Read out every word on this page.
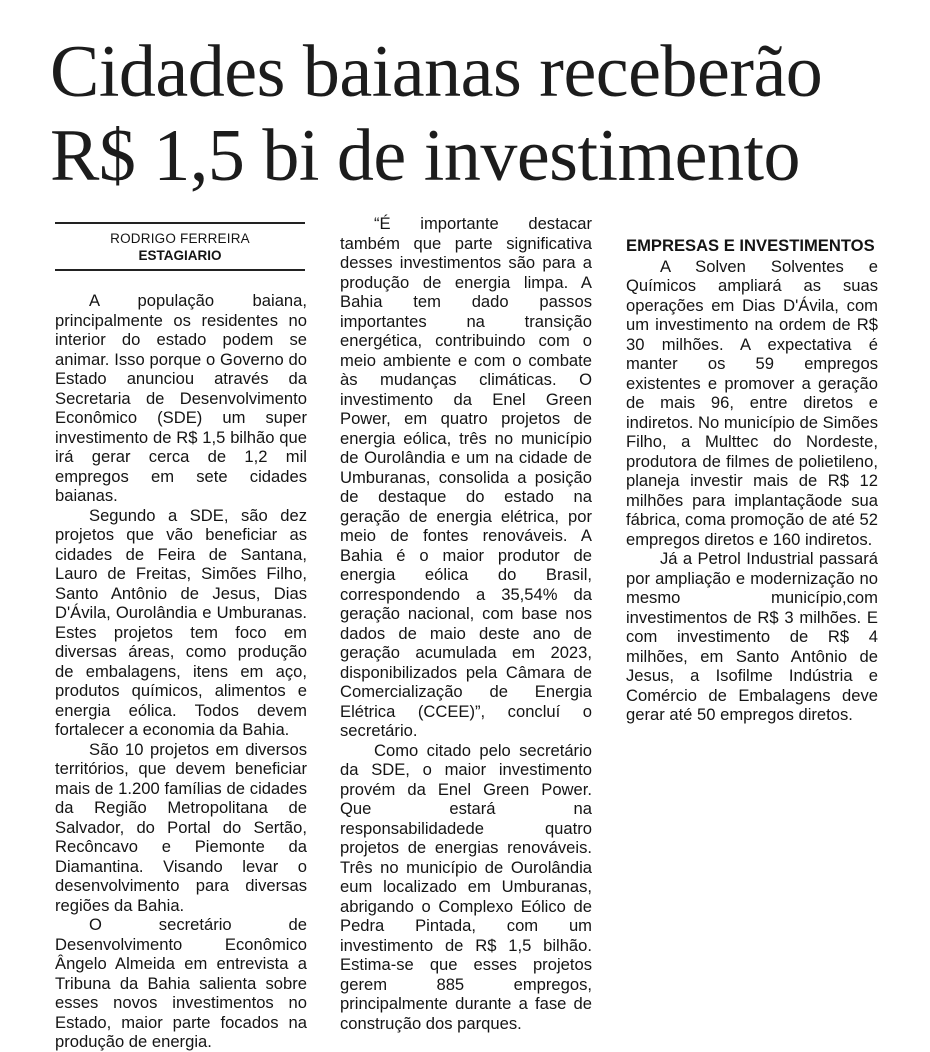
Cidades baianas receberão
R$ 1,5 bi de investimento
RODRIGO FERREIRA
ESTAGIARIO

A população baiana, principalmente os residentes no interior do estado podem se animar. Isso porque o Governo do Estado anunciou através da Secretaria de Desenvolvimento Econômico (SDE) um super investimento de R$ 1,5 bilhão que irá gerar cerca de 1,2 mil empregos em sete cidades baianas.

Segundo a SDE, são dez projetos que vão beneficiar as cidades de Feira de Santana, Lauro de Freitas, Simões Filho, Santo Antônio de Jesus, Dias D'Ávila, Ourolândia e Umburanas. Estes projetos tem foco em diversas áreas, como produção de embalagens, itens em aço, produtos químicos, alimentos e energia eólica. Todos devem fortalecer a economia da Bahia.

São 10 projetos em diversos territórios, que devem beneficiar mais de 1.200 famílias de cidades da Região Metropolitana de Salvador, do Portal do Sertão, Recôncavo e Piemonte da Diamantina. Visando levar o desenvolvimento para diversas regiões da Bahia.

O secretário de Desenvolvimento Econômico Ângelo Almeida em entrevista a Tribuna da Bahia salienta sobre esses novos investimentos no Estado, maior parte focados na produção de energia.

“É importante destacar também que parte significativa desses investimentos são para a produção de energia limpa. A Bahia tem dado passos importantes na transição energética, contribuindo com o meio ambiente e com o combate às mudanças climáticas. O investimento da Enel Green Power, em quatro projetos de energia eólica, três no município de Ourolândia e um na cidade de Umburanas, consolida a posição de destaque do estado na geração de energia elétrica, por meio de fontes renováveis. A Bahia é o maior produtor de energia eólica do Brasil, correspondendo a 35,54% da geração nacional, com base nos dados de maio deste ano de geração acumulada em 2023, disponibilizados pela Câmara de Comercialização de Energia Elétrica (CCEE)”, concluí o secretário.

Como citado pelo secretário da SDE, o maior investimento provém da Enel Green Power. Que estará na responsabilidadede quatro projetos de energias renováveis. Três no município de Ourolândia eum localizado em Umburanas, abrigando o Complexo Eólico de Pedra Pintada, com um investimento de R$ 1,5 bilhão. Estima-se que esses projetos gerem 885 empregos, principalmente durante a fase de construção dos parques.

EMPRESAS E INVESTIMENTOS

A Solven Solventes e Químicos ampliará as suas operações em Dias D'Ávila, com um investimento na ordem de R$ 30 milhões. A expectativa é manter os 59 empregos existentes e promover a geração de mais 96, entre diretos e indiretos. No município de Simões Filho, a Multtec do Nordeste, produtora de filmes de polietileno, planeja investir mais de R$ 12 milhões para implantaçãode sua fábrica, coma promoção de até 52 empregos diretos e 160 indiretos.

Já a Petrol Industrial passará por ampliação e modernização no mesmo município,com investimentos de R$ 3 milhões. E com investimento de R$ 4 milhões, em Santo Antônio de Jesus, a Isofilme Indústria e Comércio de Embalagens deve gerar até 50 empregos diretos.
